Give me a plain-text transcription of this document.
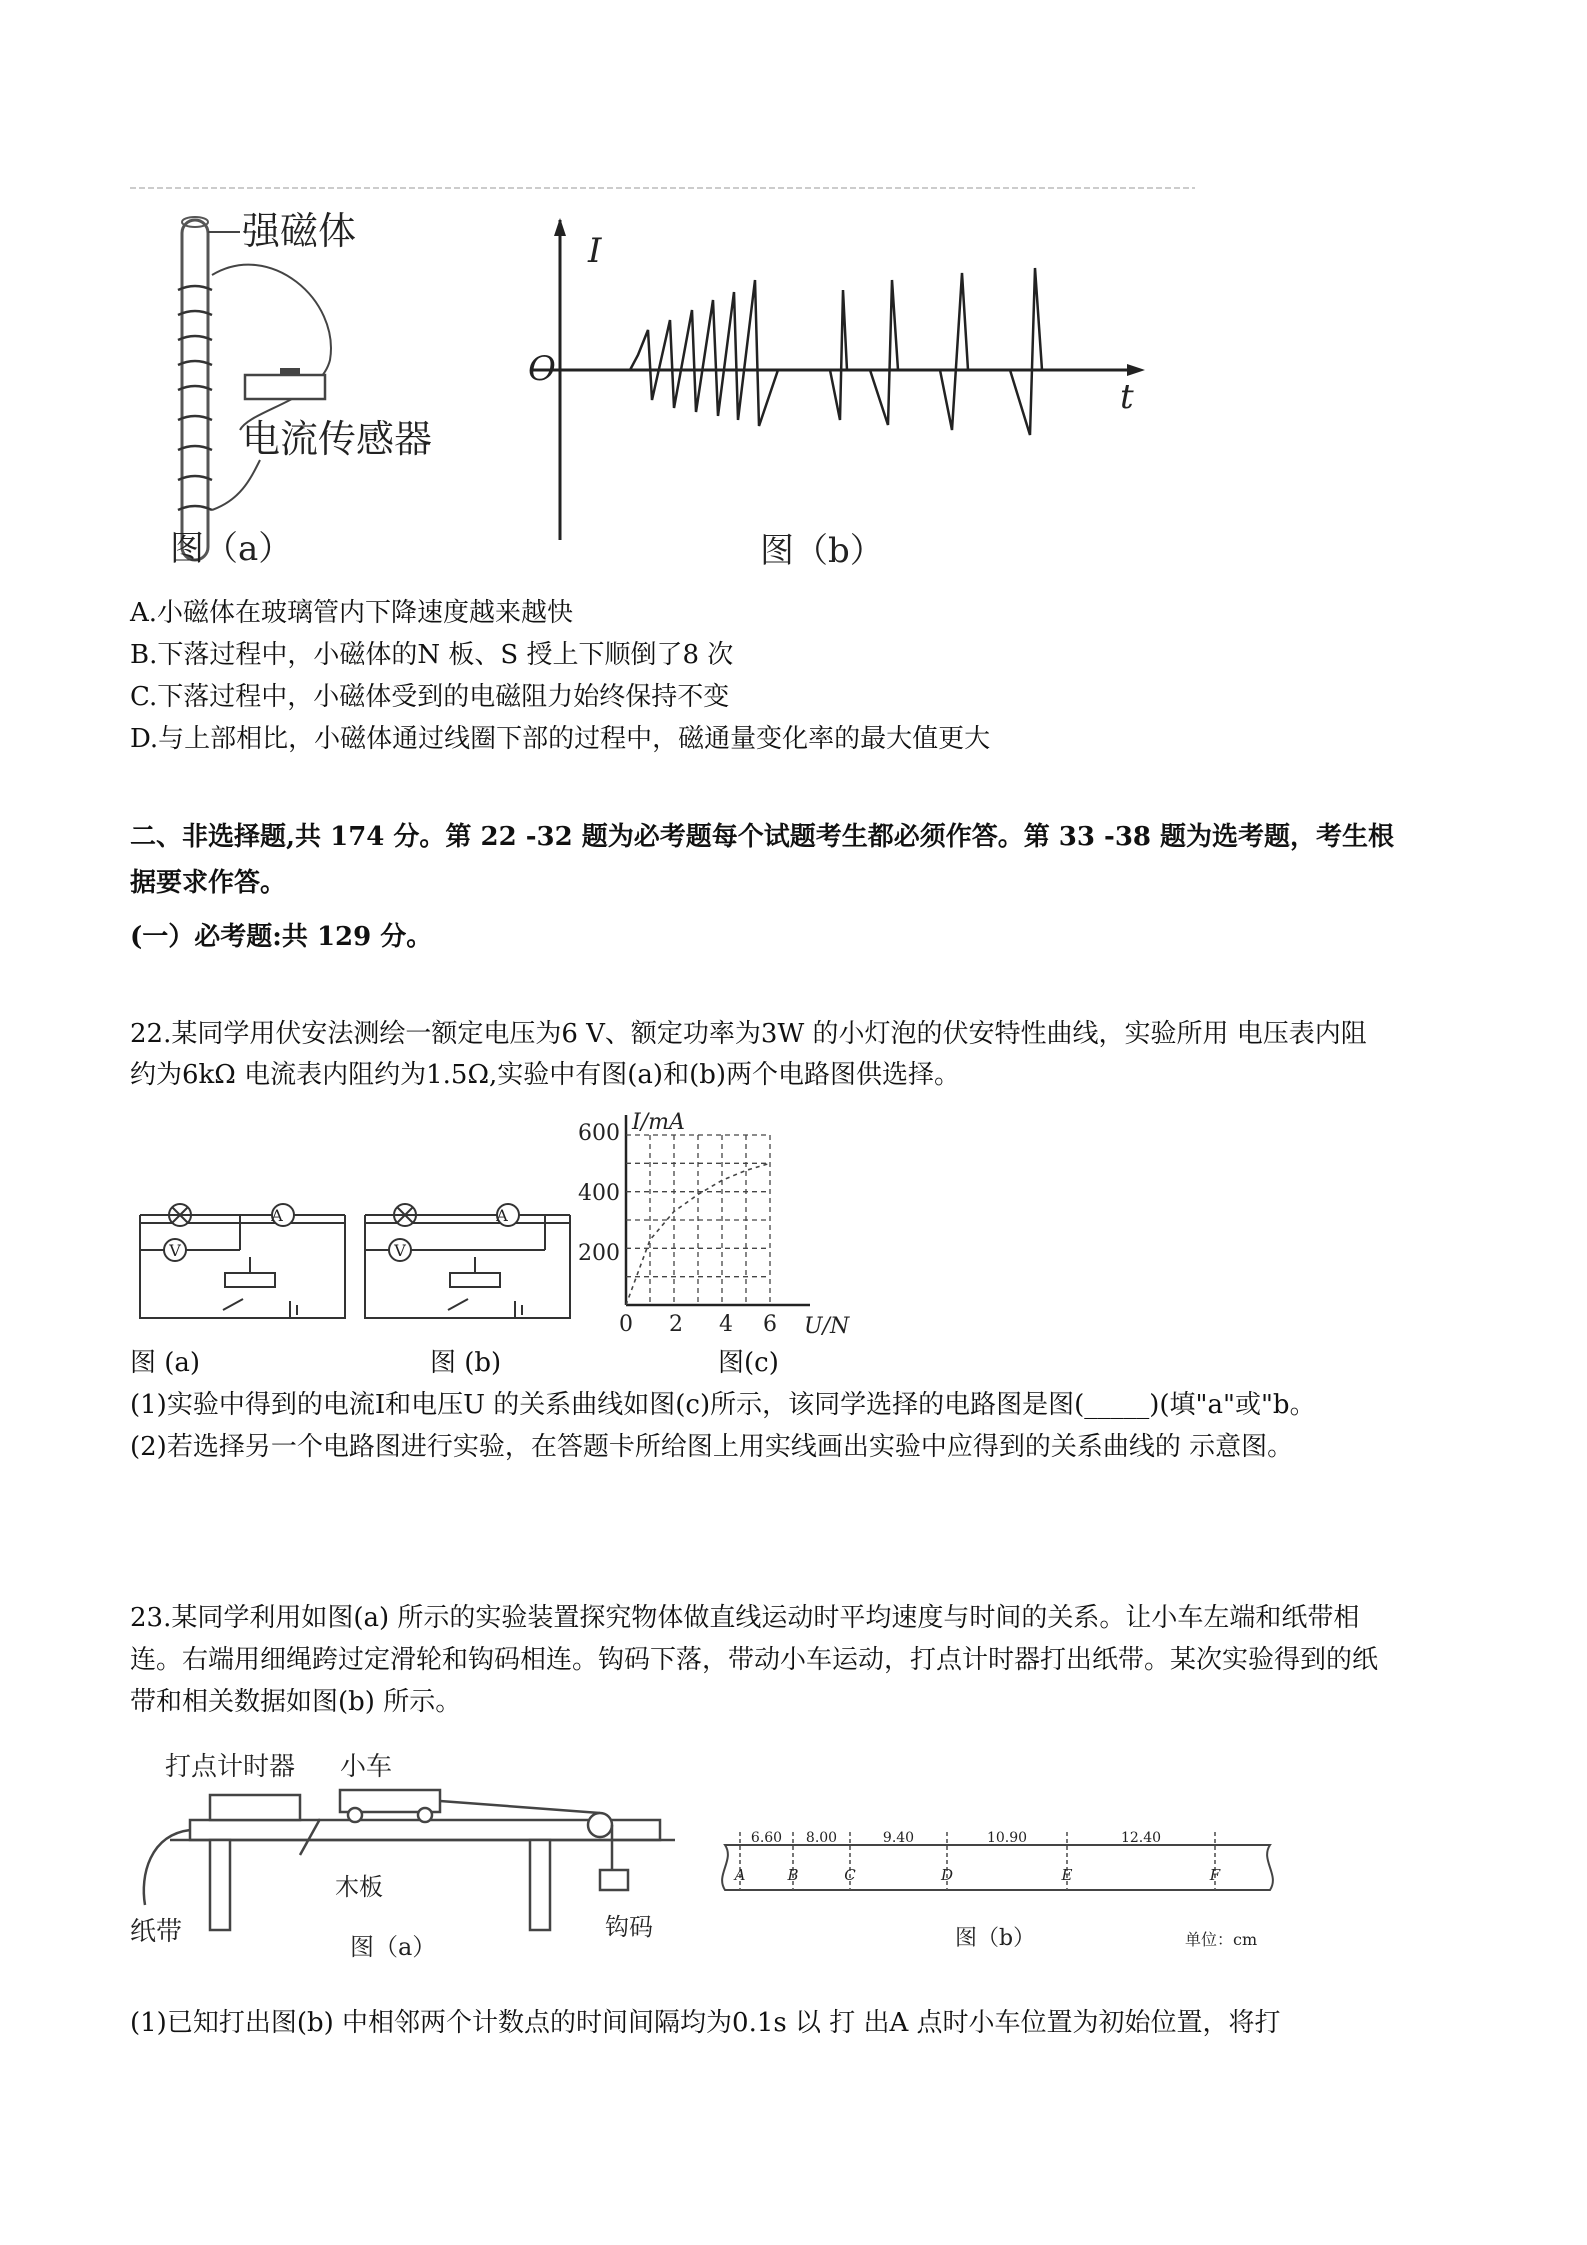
强磁体
电流传感器
图（a）
I
t
O
图（b）
A.小磁体在玻璃管内下降速度越来越快
B.下落过程中，小磁体的N 板、S 授上下顺倒了8 次
C.下落过程中，小磁体受到的电磁阻力始终保持不变
D.与上部相比，小磁体通过线圈下部的过程中，磁通量变化率的最大值更大
二、非选择题,共 174 分。第 22 -32 题为必考题每个试题考生都必须作答。第 33 -38 题为选考题，考生根
据要求作答。
(一）必考题:共 129 分。
22.某同学用伏安法测绘一额定电压为6 V、额定功率为3W 的小灯泡的伏安特性曲线，实验所用 电压表内阻
约为6kΩ 电流表内阻约为1.5Ω,实验中有图(a)和(b)两个电路图供选择。
A
V
A
V
I/mA
U/N
600
400
200
0 2 4 6
图 (a)	图 (b)	图(c)
(1)实验中得到的电流I和电压U 的关系曲线如图(c)所示，该同学选择的电路图是图(_____)(填"a"或"b。
(2)若选择另一个电路图进行实验，在答题卡所给图上用实线画出实验中应得到的关系曲线的 示意图。
23.某同学利用如图(a) 所示的实验装置探究物体做直线运动时平均速度与时间的关系。让小车左端和纸带相
连。右端用细绳跨过定滑轮和钩码相连。钩码下落，带动小车运动，打点计时器打出纸带。某次实验得到的纸
带和相关数据如图(b) 所示。
打点计时器 小车
纸带
木板
钩码
图（a）
A	B	C	D	E	F
6.60 8.00	9.40	10.90	12.40
图（b）	单位：cm
(1)已知打出图(b) 中相邻两个计数点的时间间隔均为0.1s 以 打 出A 点时小车位置为初始位置，将打
